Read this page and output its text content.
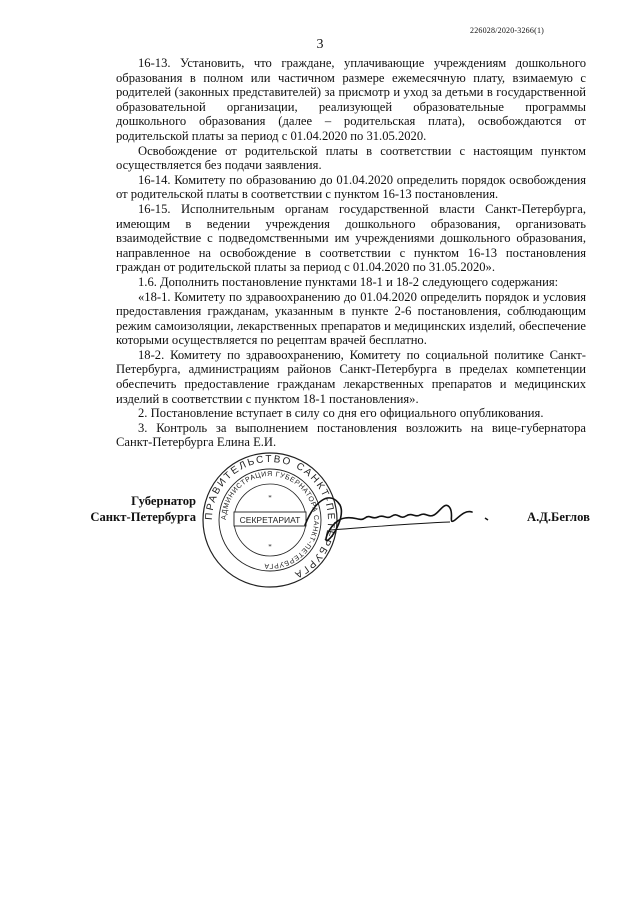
226028/2020-3266(1)
3

16-13. Установить, что граждане, уплачивающие учреждениям дошкольного образования в полном или частичном размере ежемесячную плату, взимаемую с родителей (законных представителей) за присмотр и уход за детьми в государственной образовательной организации, реализующей образовательные программы дошкольного образования (далее – родительская плата), освобождаются от родительской платы за период с 01.04.2020 по 31.05.2020.

Освобождение от родительской платы в соответствии с настоящим пунктом осуществляется без подачи заявления.

16-14. Комитету по образованию до 01.04.2020 определить порядок освобождения от родительской платы в соответствии с пунктом 16-13 постановления.

16-15. Исполнительным органам государственной власти Санкт-Петербурга, имеющим в ведении учреждения дошкольного образования, организовать взаимодействие с подведомственными им учреждениями дошкольного образования, направленное на освобождение в соответствии с пунктом 16-13 постановления граждан от родительской платы за период с 01.04.2020 по 31.05.2020».

1.6. Дополнить постановление пунктами 18-1 и 18-2 следующего содержания:

«18-1. Комитету по здравоохранению до 01.04.2020 определить порядок и условия предоставления гражданам, указанным в пункте 2-6 постановления, соблюдающим режим самоизоляции, лекарственных препаратов и медицинских изделий, обеспечение которыми осуществляется по рецептам врачей бесплатно.

18-2. Комитету по здравоохранению, Комитету по социальной политике Санкт-Петербурга, администрациям районов Санкт-Петербурга в пределах компетенции обеспечить предоставление гражданам лекарственных препаратов и медицинских изделий в соответствии с пунктом 18-1 постановления».

2. Постановление вступает в силу со дня его официального опубликования.

3. Контроль за выполнением постановления возложить на вице-губернатора Санкт-Петербурга Елина Е.И.

Губернатор
Санкт-Петербурга ПРАВИТЕЛЬСТВО САНКТ-ПЕТЕРБУРГА
АДМИНИСТРАЦИЯ ГУБЕРНАТОРА САНКТ-ПЕТЕРБУРГА
СЕКРЕТАРИАТ
*
*
А.Д.Беглов
